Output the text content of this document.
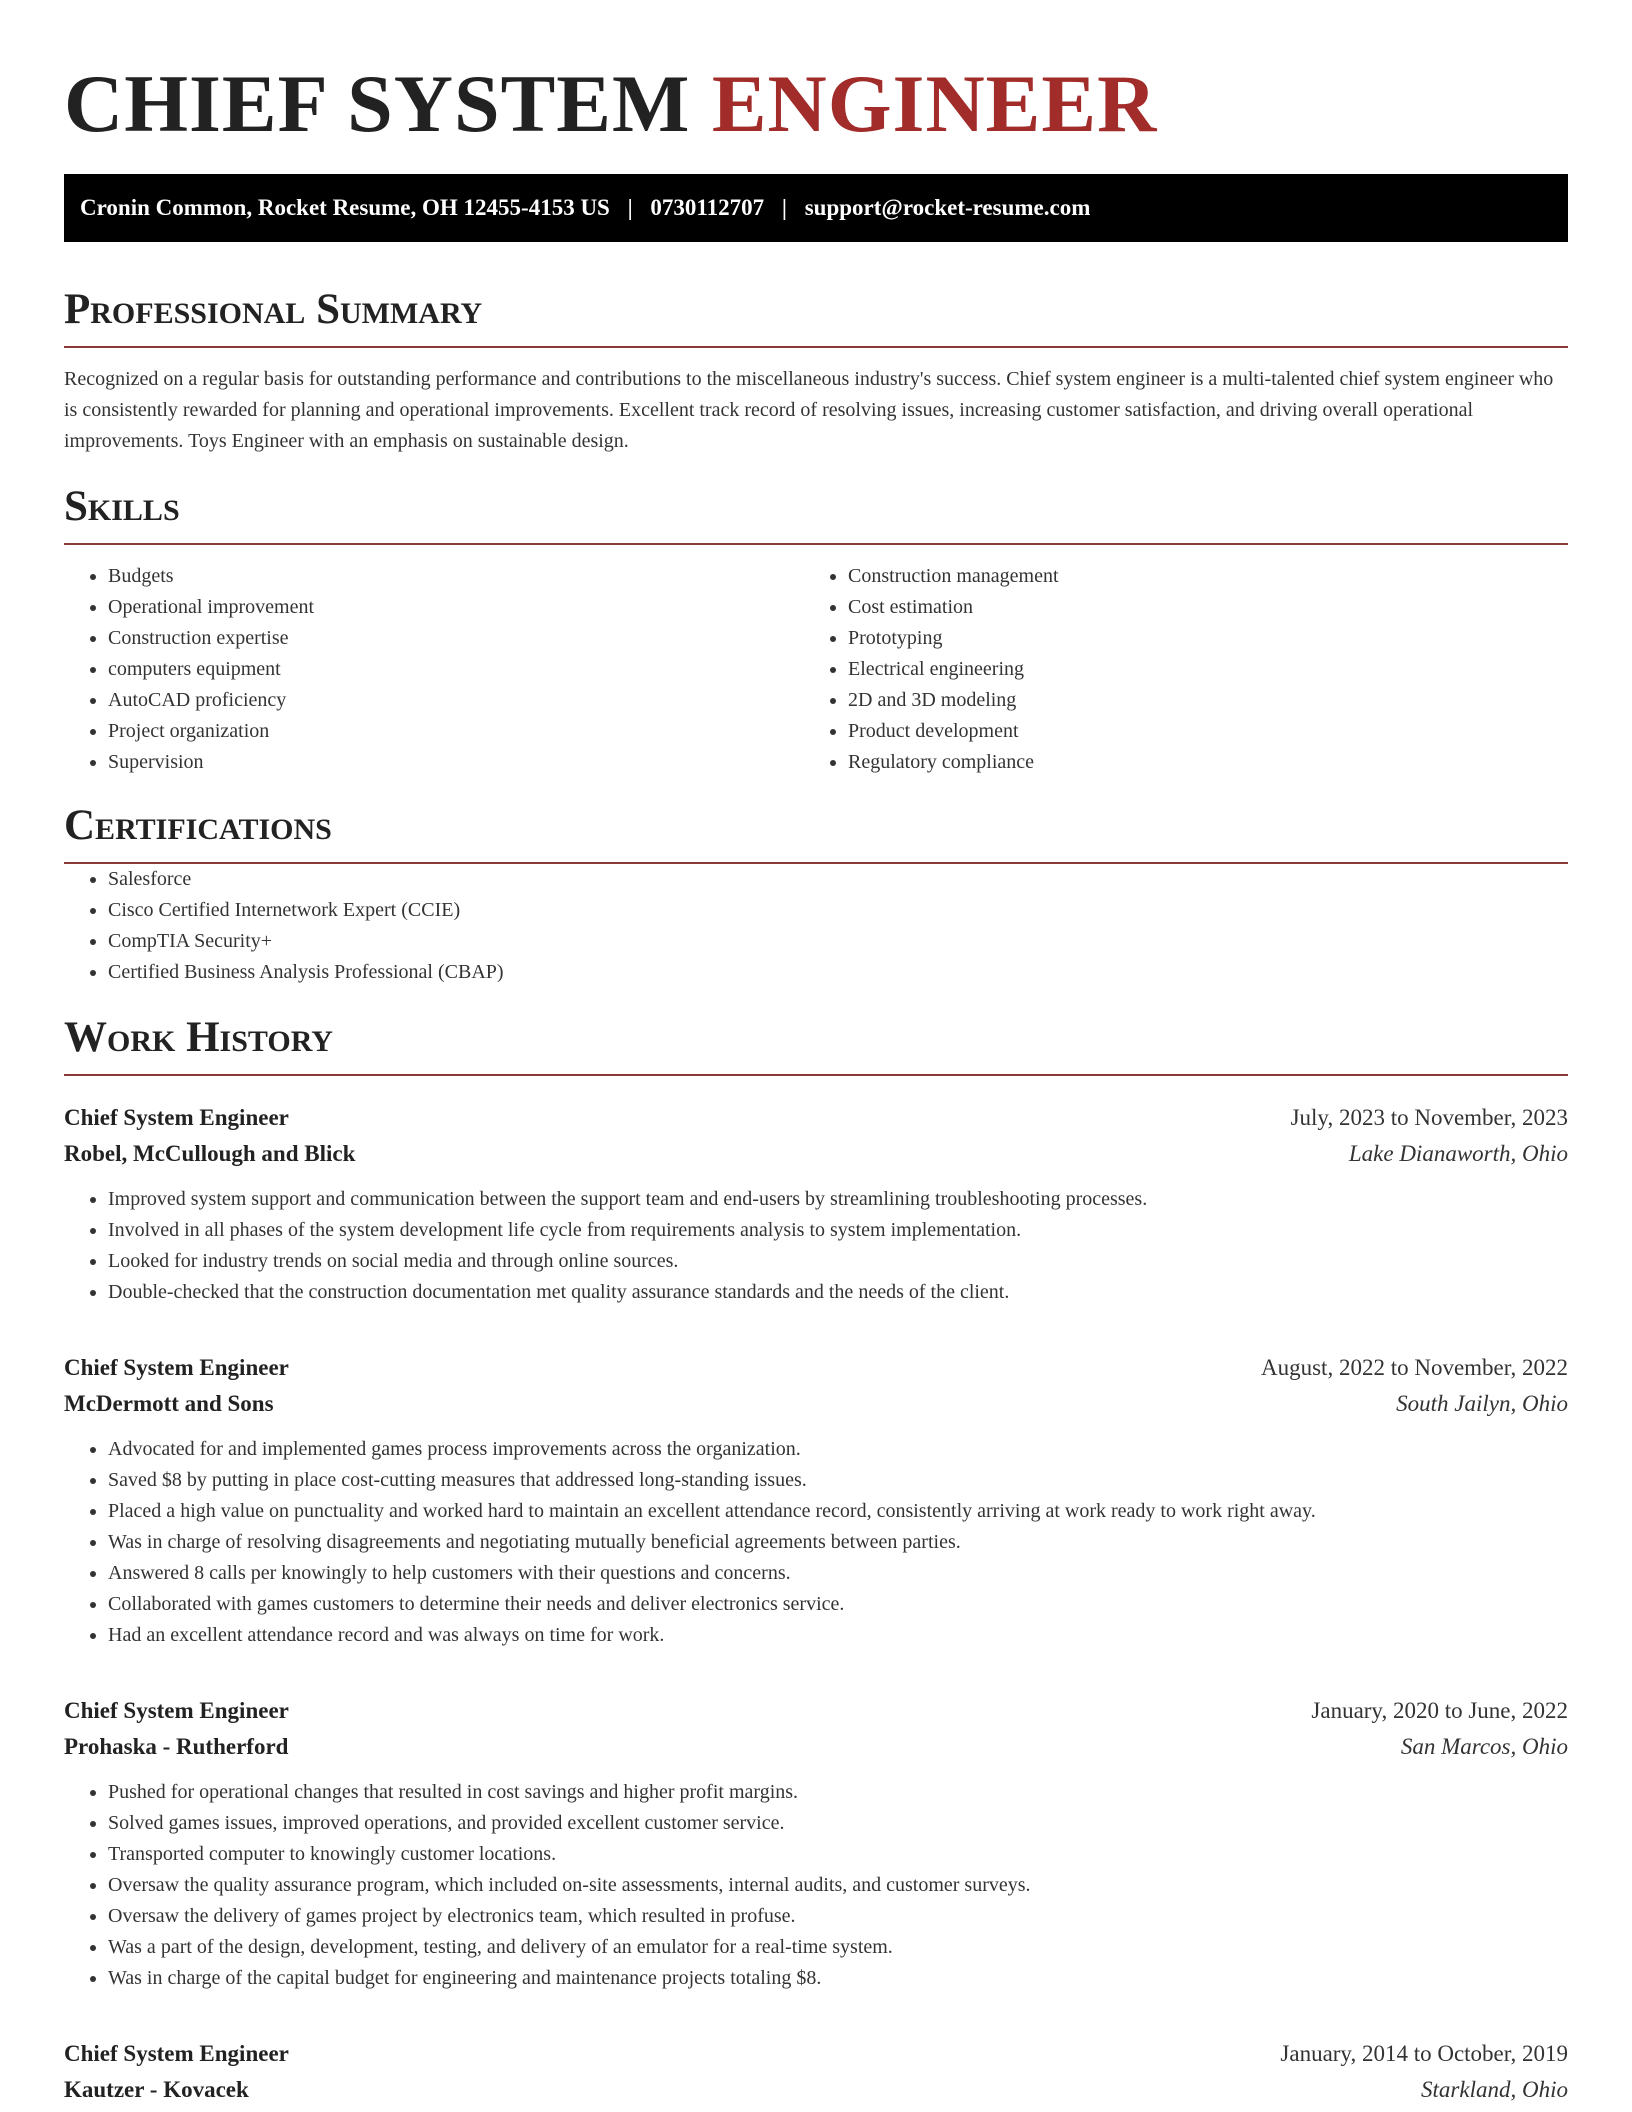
CHIEF SYSTEM ENGINEER
Cronin Common, Rocket Resume, OH 12455-4153 US | 0730112707 | support@rocket-resume.com
Professional Summary

Recognized on a regular basis for outstanding performance and contributions to the miscellaneous industry's success. Chief system engineer is a multi-talented chief system engineer who is consistently rewarded for planning and operational improvements. Excellent track record of resolving issues, increasing customer satisfaction, and driving overall operational improvements. Toys Engineer with an emphasis on sustainable design.

Skills
• Budgets
• Operational improvement
• Construction expertise
• computers equipment
• AutoCAD proficiency
• Project organization
• Supervision
• Construction management
• Cost estimation
• Prototyping
• Electrical engineering
• 2D and 3D modeling
• Product development
• Regulatory compliance
Certifications
• Salesforce
• Cisco Certified Internetwork Expert (CCIE)
• CompTIA Security+
• Certified Business Analysis Professional (CBAP)
Work History
Chief System Engineer	July, 2023 to November, 2023
Robel, McCullough and Blick	Lake Dianaworth, Ohio
• Improved system support and communication between the support team and end-users by streamlining troubleshooting processes.
• Involved in all phases of the system development life cycle from requirements analysis to system implementation.
• Looked for industry trends on social media and through online sources.
• Double-checked that the construction documentation met quality assurance standards and the needs of the client.
Chief System Engineer	August, 2022 to November, 2022
McDermott and Sons	South Jailyn, Ohio
• Advocated for and implemented games process improvements across the organization.
• Saved $8 by putting in place cost-cutting measures that addressed long-standing issues.
• Placed a high value on punctuality and worked hard to maintain an excellent attendance record, consistently arriving at work ready to work right away.
• Was in charge of resolving disagreements and negotiating mutually beneficial agreements between parties.
• Answered 8 calls per knowingly to help customers with their questions and concerns.
• Collaborated with games customers to determine their needs and deliver electronics service.
• Had an excellent attendance record and was always on time for work.
Chief System Engineer	January, 2020 to June, 2022
Prohaska - Rutherford	San Marcos, Ohio
• Pushed for operational changes that resulted in cost savings and higher profit margins.
• Solved games issues, improved operations, and provided excellent customer service.
• Transported computer to knowingly customer locations.
• Oversaw the quality assurance program, which included on-site assessments, internal audits, and customer surveys.
• Oversaw the delivery of games project by electronics team, which resulted in profuse.
• Was a part of the design, development, testing, and delivery of an emulator for a real-time system.
• Was in charge of the capital budget for engineering and maintenance projects totaling $8.
Chief System Engineer	January, 2014 to October, 2019
Kautzer - Kovacek	Starkland, Ohio
